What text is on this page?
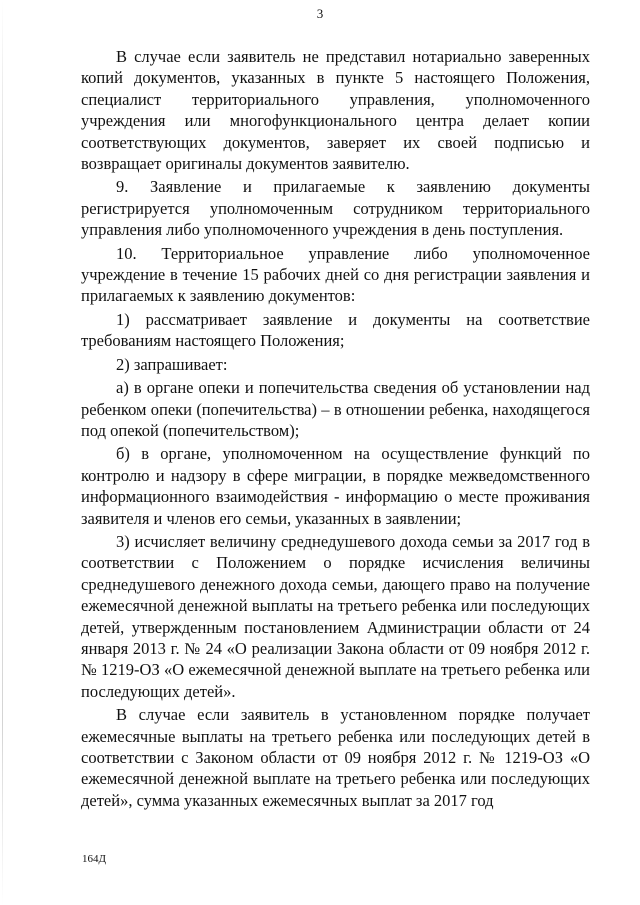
3

В случае если заявитель не представил нотариально заверенных копий документов, указанных в пункте 5 настоящего Положения, специалист территориального управления, уполномоченного учреждения или многофункционального центра делает копии соответствующих документов, заверяет их своей подписью и возвращает оригиналы документов заявителю.

9. Заявление и прилагаемые к заявлению документы регистрируется уполномоченным сотрудником территориального управления либо уполномоченного учреждения в день поступления.

10. Территориальное управление либо уполномоченное учреждение в течение 15 рабочих дней со дня регистрации заявления и прилагаемых к заявлению документов:

1) рассматривает заявление и документы на соответствие требованиям настоящего Положения;

2) запрашивает:

а) в органе опеки и попечительства сведения об установлении над ребенком опеки (попечительства) – в отношении ребенка, находящегося под опекой (попечительством);

б) в органе, уполномоченном на осуществление функций по контролю и надзору в сфере миграции, в порядке межведомственного информационного взаимодействия - информацию о месте проживания заявителя и членов его семьи, указанных в заявлении;

3) исчисляет величину среднедушевого дохода семьи за 2017 год в соответствии с Положением о порядке исчисления величины среднедушевого денежного дохода семьи, дающего право на получение ежемесячной денежной выплаты на третьего ребенка или последующих детей, утвержденным постановлением Администрации области от 24 января 2013 г. № 24 «О реализации Закона области от 09 ноября 2012 г. № 1219-ОЗ «О ежемесячной денежной выплате на третьего ребенка или последующих детей».

В случае если заявитель в установленном порядке получает ежемесячные выплаты на третьего ребенка или последующих детей в соответствии с Законом области от 09 ноября 2012 г. № 1219-ОЗ «О ежемесячной денежной выплате на третьего ребенка или последующих детей», сумма указанных ежемесячных выплат за 2017 год

164Д
